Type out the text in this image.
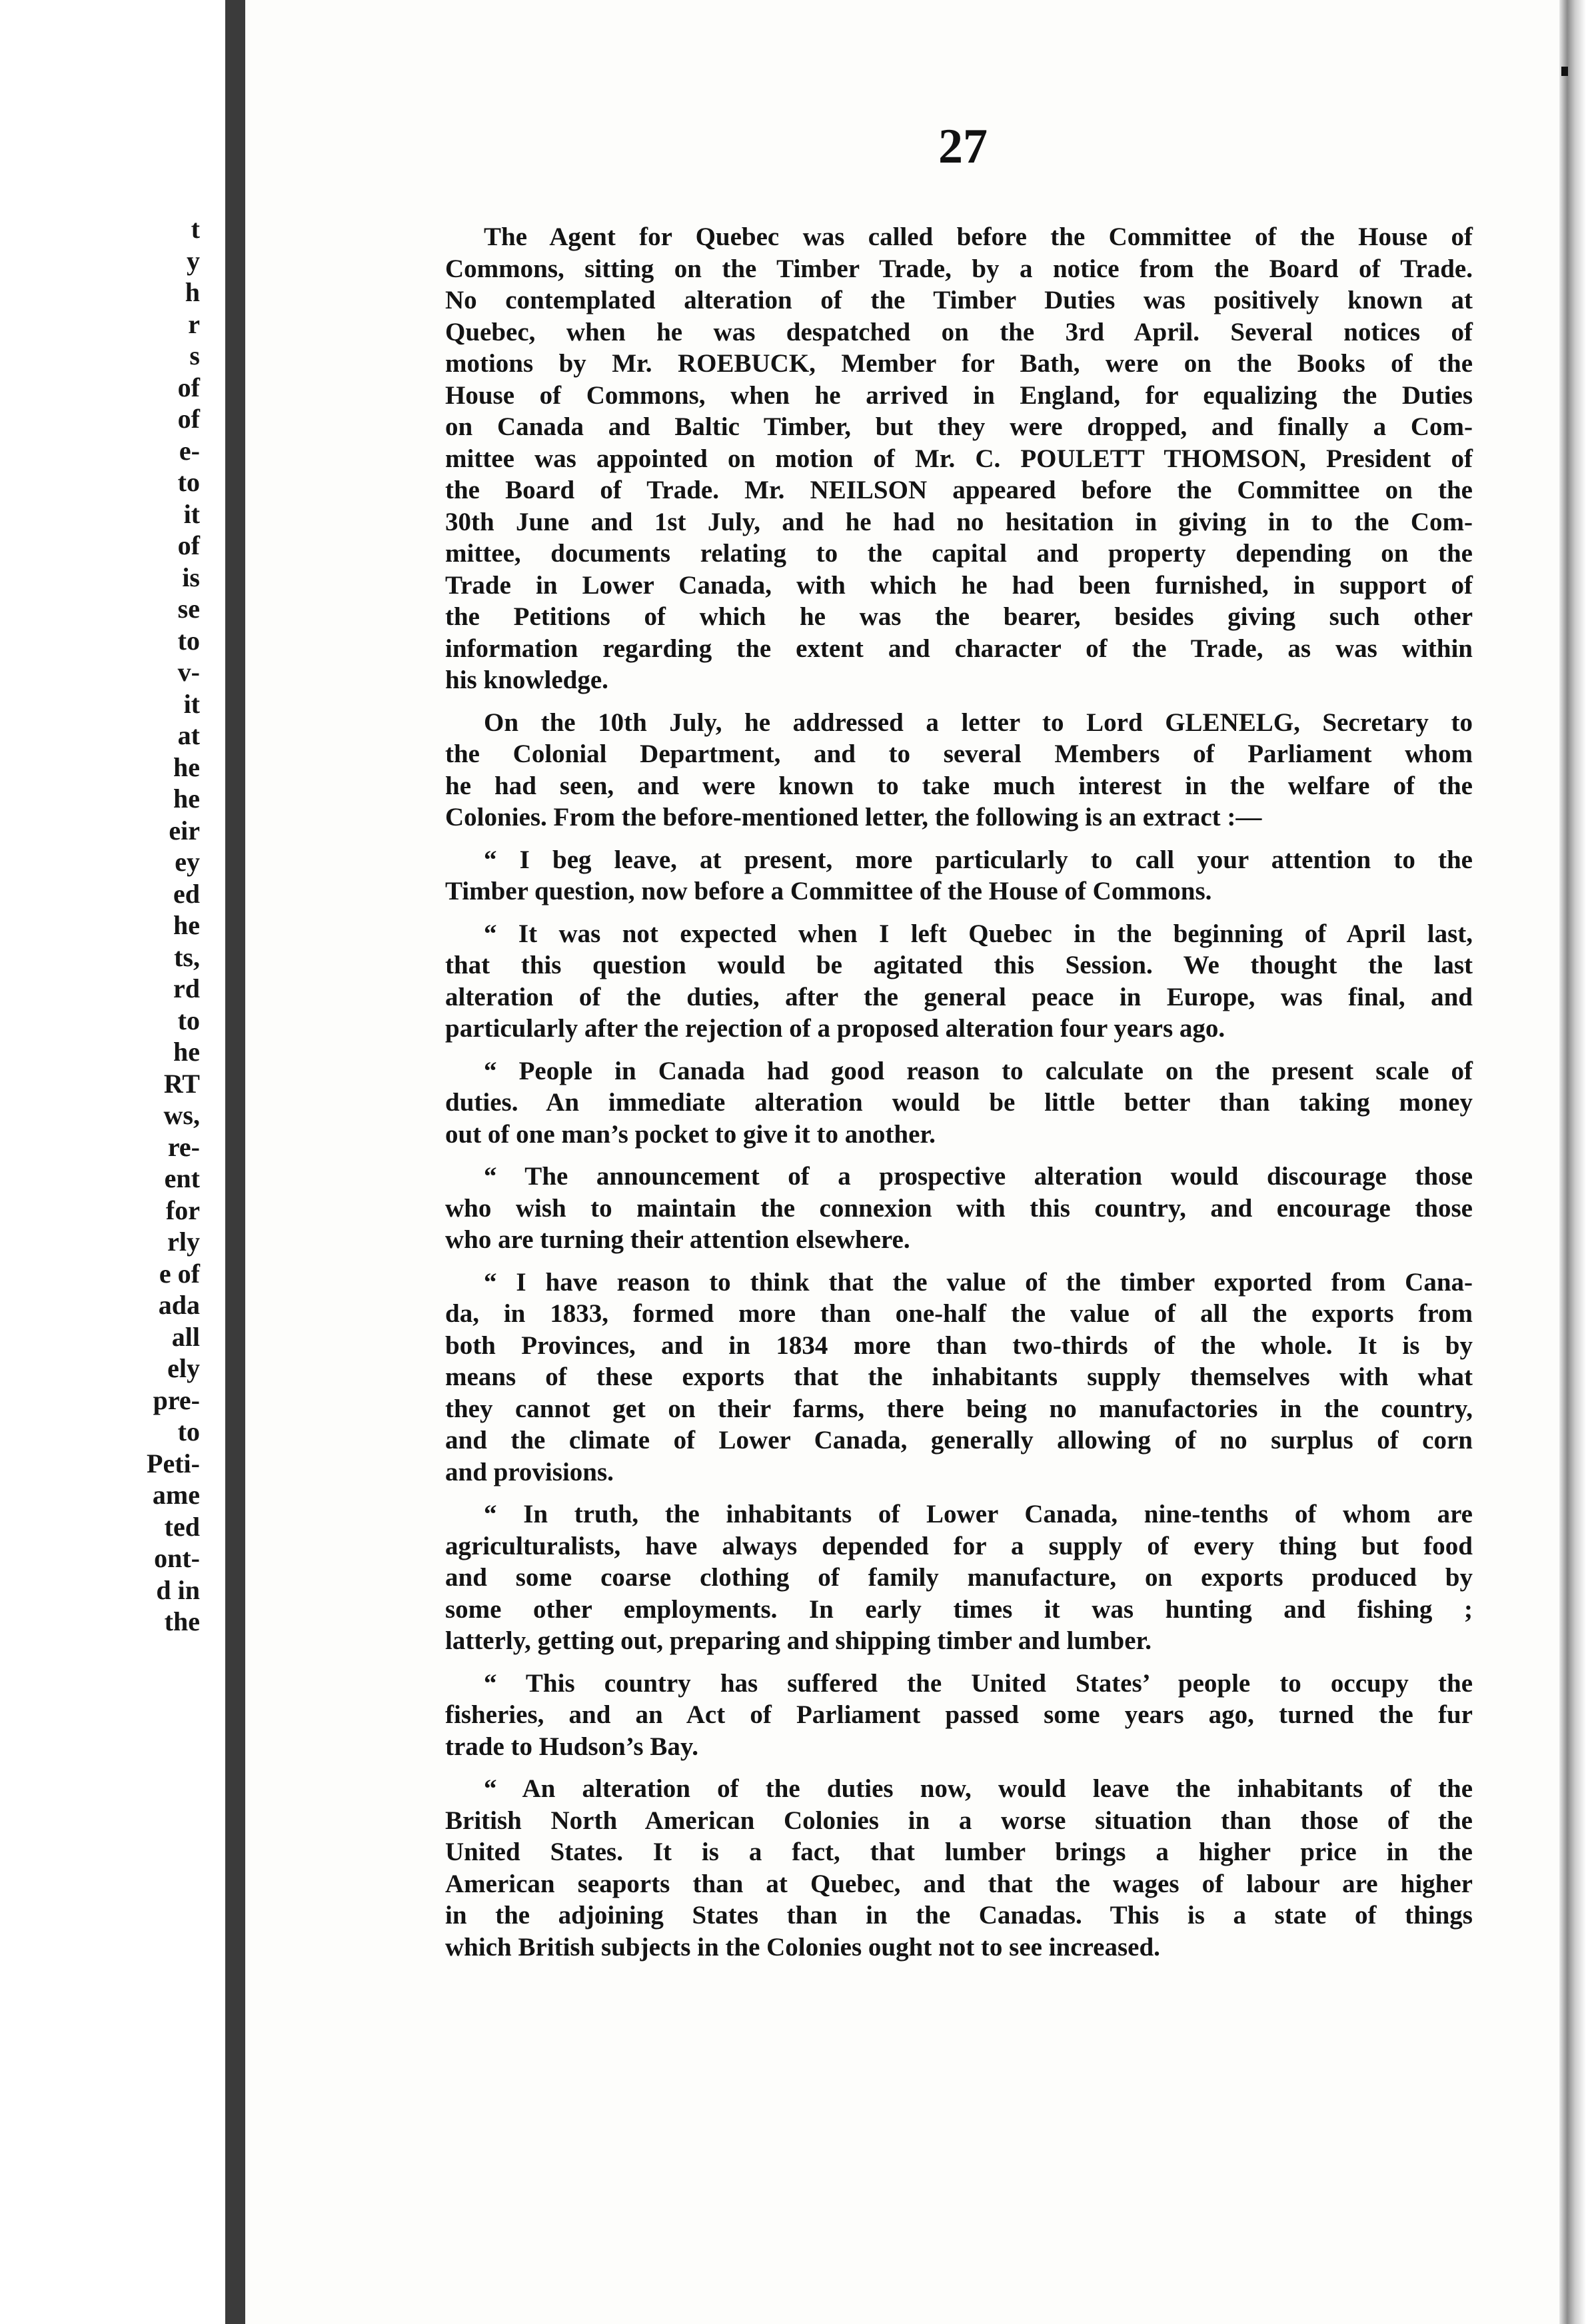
t
y
h
r
s
of
of
e-
to
it
of
is
se
to
v-
it
at
he
he
eir
ey
ed
he
ts,
rd
to
he
RT
ws,
re-
ent
for
rly
e of
ada
all
ely
pre-
to
Peti-
ame
ted
ont-
d in
the
27
The Agent for Quebec was called before the Committee of the House of
Commons, sitting on the Timber Trade, by a notice from the Board of Trade.
No contemplated alteration of the Timber Duties was positively known at
Quebec, when he was despatched on the 3rd April. Several notices of
motions by Mr. ROEBUCK, Member for Bath, were on the Books of the
House of Commons, when he arrived in England, for equalizing the Duties
on Canada and Baltic Timber, but they were dropped, and finally a Com-
mittee was appointed on motion of Mr. C. POULETT THOMSON, President of
the Board of Trade. Mr. NEILSON appeared before the Committee on the
30th June and 1st July, and he had no hesitation in giving in to the Com-
mittee, documents relating to the capital and property depending on the
Trade in Lower Canada, with which he had been furnished, in support of
the Petitions of which he was the bearer, besides giving such other
information regarding the extent and character of the Trade, as was within
his knowledge.
On the 10th July, he addressed a letter to Lord GLENELG, Secretary to
the Colonial Department, and to several Members of Parliament whom
he had seen, and were known to take much interest in the welfare of the
Colonies. From the before-mentioned letter, the following is an extract :—
“ I beg leave, at present, more particularly to call your attention to the
Timber question, now before a Committee of the House of Commons.
“ It was not expected when I left Quebec in the beginning of April last,
that this question would be agitated this Session. We thought the last
alteration of the duties, after the general peace in Europe, was final, and
particularly after the rejection of a proposed alteration four years ago.
“ People in Canada had good reason to calculate on the present scale of
duties. An immediate alteration would be little better than taking money
out of one man’s pocket to give it to another.
“ The announcement of a prospective alteration would discourage those
who wish to maintain the connexion with this country, and encourage those
who are turning their attention elsewhere.
“ I have reason to think that the value of the timber exported from Cana-
da, in 1833, formed more than one-half the value of all the exports from
both Provinces, and in 1834 more than two-thirds of the whole. It is by
means of these exports that the inhabitants supply themselves with what
they cannot get on their farms, there being no manufactories in the country,
and the climate of Lower Canada, generally allowing of no surplus of corn
and provisions.
“ In truth, the inhabitants of Lower Canada, nine-tenths of whom are
agriculturalists, have always depended for a supply of every thing but food
and some coarse clothing of family manufacture, on exports produced by
some other employments. In early times it was hunting and fishing ;
latterly, getting out, preparing and shipping timber and lumber.
“ This country has suffered the United States’ people to occupy the
fisheries, and an Act of Parliament passed some years ago, turned the fur
trade to Hudson’s Bay.
“ An alteration of the duties now, would leave the inhabitants of the
British North American Colonies in a worse situation than those of the
United States. It is a fact, that lumber brings a higher price in the
American seaports than at Quebec, and that the wages of labour are higher
in the adjoining States than in the Canadas. This is a state of things
which British subjects in the Colonies ought not to see increased.
